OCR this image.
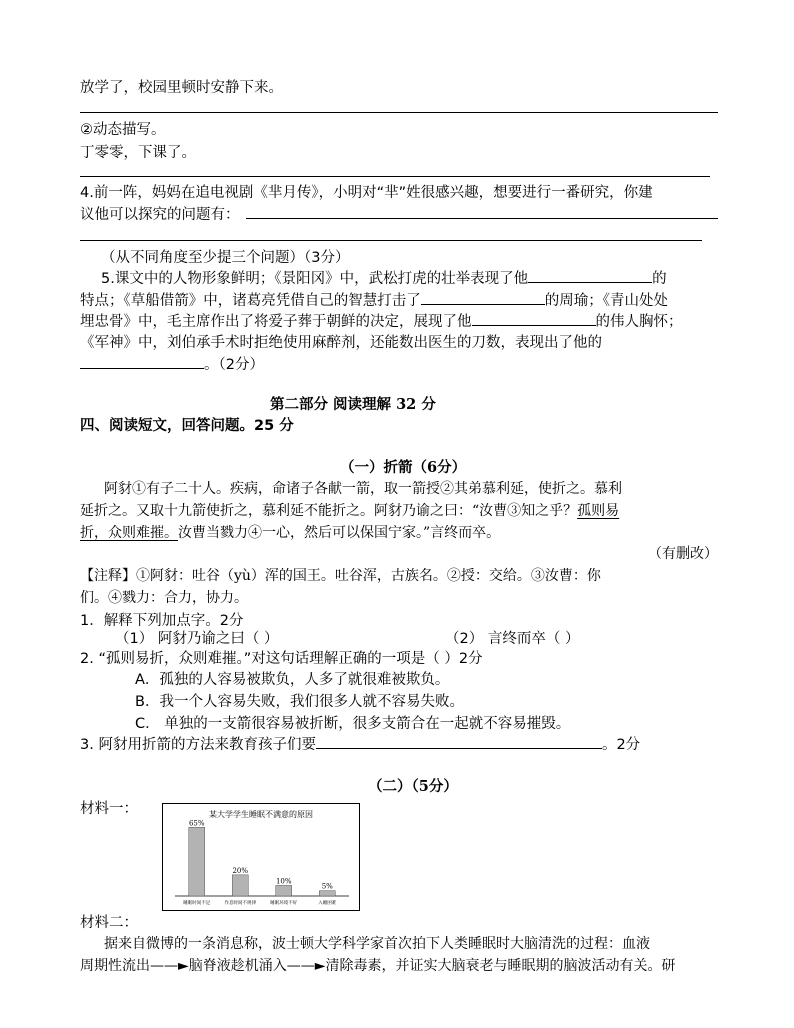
放学了，校园里顿时安静下来。
②动态描写。
丁零零，下课了。
4.前一阵，妈妈在追电视剧《芈月传》，小明对“芈”姓很感兴趣，想要进行一番研究，你建
议他可以探究的问题有：
（从不同角度至少提三个问题）（3分）
5.课文中的人物形象鲜明；《景阳冈》中，武松打虎的壮举表现了他	的
特点；《草船借箭》中，诸葛亮凭借自己的智慧打击了	的周瑜；《青山处处
埋忠骨》中，毛主席作出了将爱子葬于朝鲜的决定，展现了他	的伟人胸怀；
《军神》中，刘伯承手术时拒绝使用麻醉剂，还能数出医生的刀数，表现出了他的
。（2分）
第二部分 阅读理解 32 分
四、阅读短文，回答问题。25 分
（一）折箭（6分）
阿豺①有子二十人。疾病，命诸子各献一箭，取一箭授②其弟慕利延，使折之。慕利
延折之。又取十九箭使折之，慕利延不能折之。阿豺乃谕之曰：“汝曹③知之乎？孤则易
折，众则难摧。汝曹当戮力④一心，然后可以保国宁家。”言终而卒。
（有删改）
【注释】①阿豺：吐谷（yù）浑的国王。吐谷浑，古族名。②授：交给。③汝曹：你
们。④戮力：合力，协力。
1．解释下列加点字。2分
（1） 阿豺乃谕之曰（ ）	（2） 言终而卒（ ）
2. “孤则易折，众则难摧。”对这句话理解正确的一项是（ ）2分
A．孤独的人容易被欺负，人多了就很难被欺负。
B．我一个人容易失败，我们很多人就不容易失败。
C． 单独的一支箭很容易被折断，很多支箭合在一起就不容易摧毁。
3. 阿豺用折箭的方法来教育孩子们要	。2分
（二）（5分）
材料一：	某大学学生睡眠不满意的原因
65%
睡眠时间不足
20%
作息时间不规律
10%
睡眠环境不好
5%
入睡困难
材料二：
据来自微博的一条消息称，波士顿大学科学家首次拍下人类睡眠时大脑清洗的过程：血液
周期性流出——►脑脊液趁机涌入——►清除毒素，并证实大脑衰老与睡眠期的脑波活动有关。研
